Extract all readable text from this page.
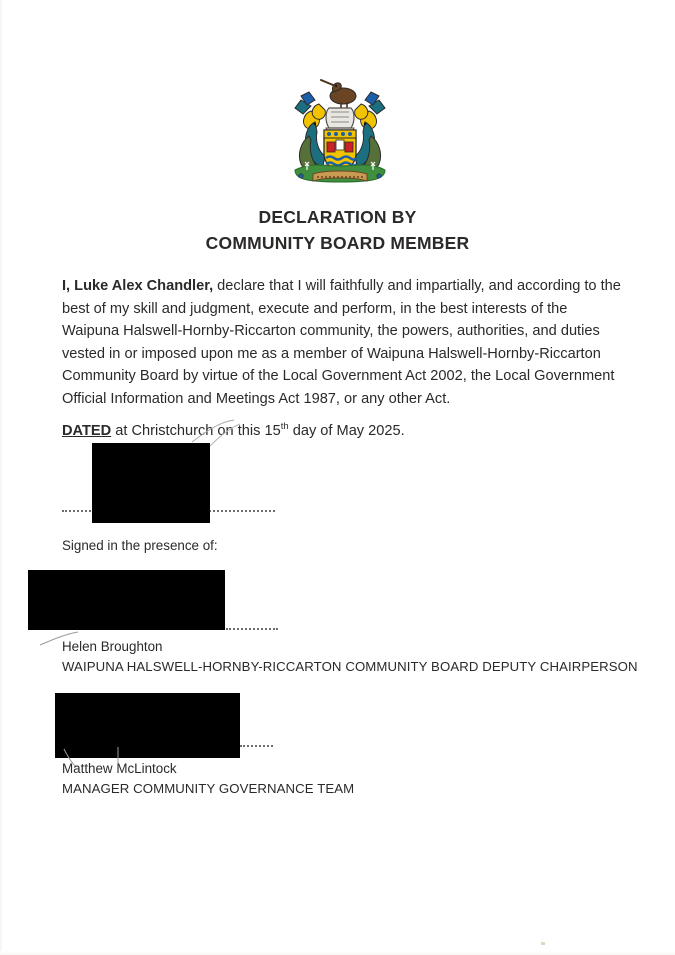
DECLARATION BY
COMMUNITY BOARD MEMBER
I, Luke Alex Chandler, declare that I will faithfully and impartially, and according to the best of my skill and judgment, execute and perform, in the best interests of the Waipuna Halswell-Hornby-Riccarton community, the powers, authorities, and duties vested in or imposed upon me as a member of Waipuna Halswell-Hornby-Riccarton Community Board by virtue of the Local Government Act 2002, the Local Government Official Information and Meetings Act 1987, or any other Act.
DATED at Christchurch on this 15th day of May 2025.
Signed in the presence of:
Helen Broughton
WAIPUNA HALSWELL-HORNBY-RICCARTON COMMUNITY BOARD DEPUTY CHAIRPERSON
Matthew McLintock
MANAGER COMMUNITY GOVERNANCE TEAM
